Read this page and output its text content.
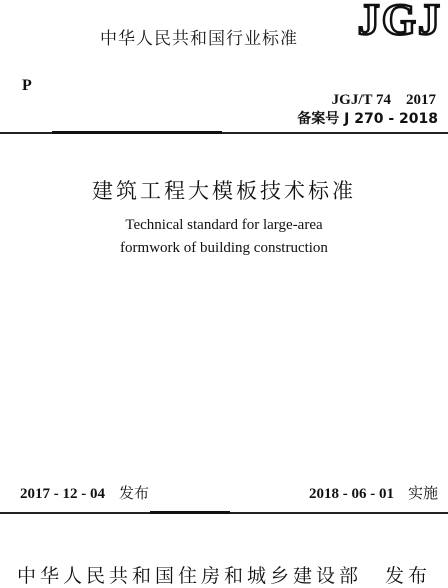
中华人民共和国行业标准 JGJ
P
JGJ/T 74　2017
备案号 J 270 - 2018
建筑工程大模板技术标准
Technical standard for large-area
formwork of building construction
2017 - 12 - 04 发布	2018 - 06 - 01 实施
中华人民共和国住房和城乡建设部　发布
